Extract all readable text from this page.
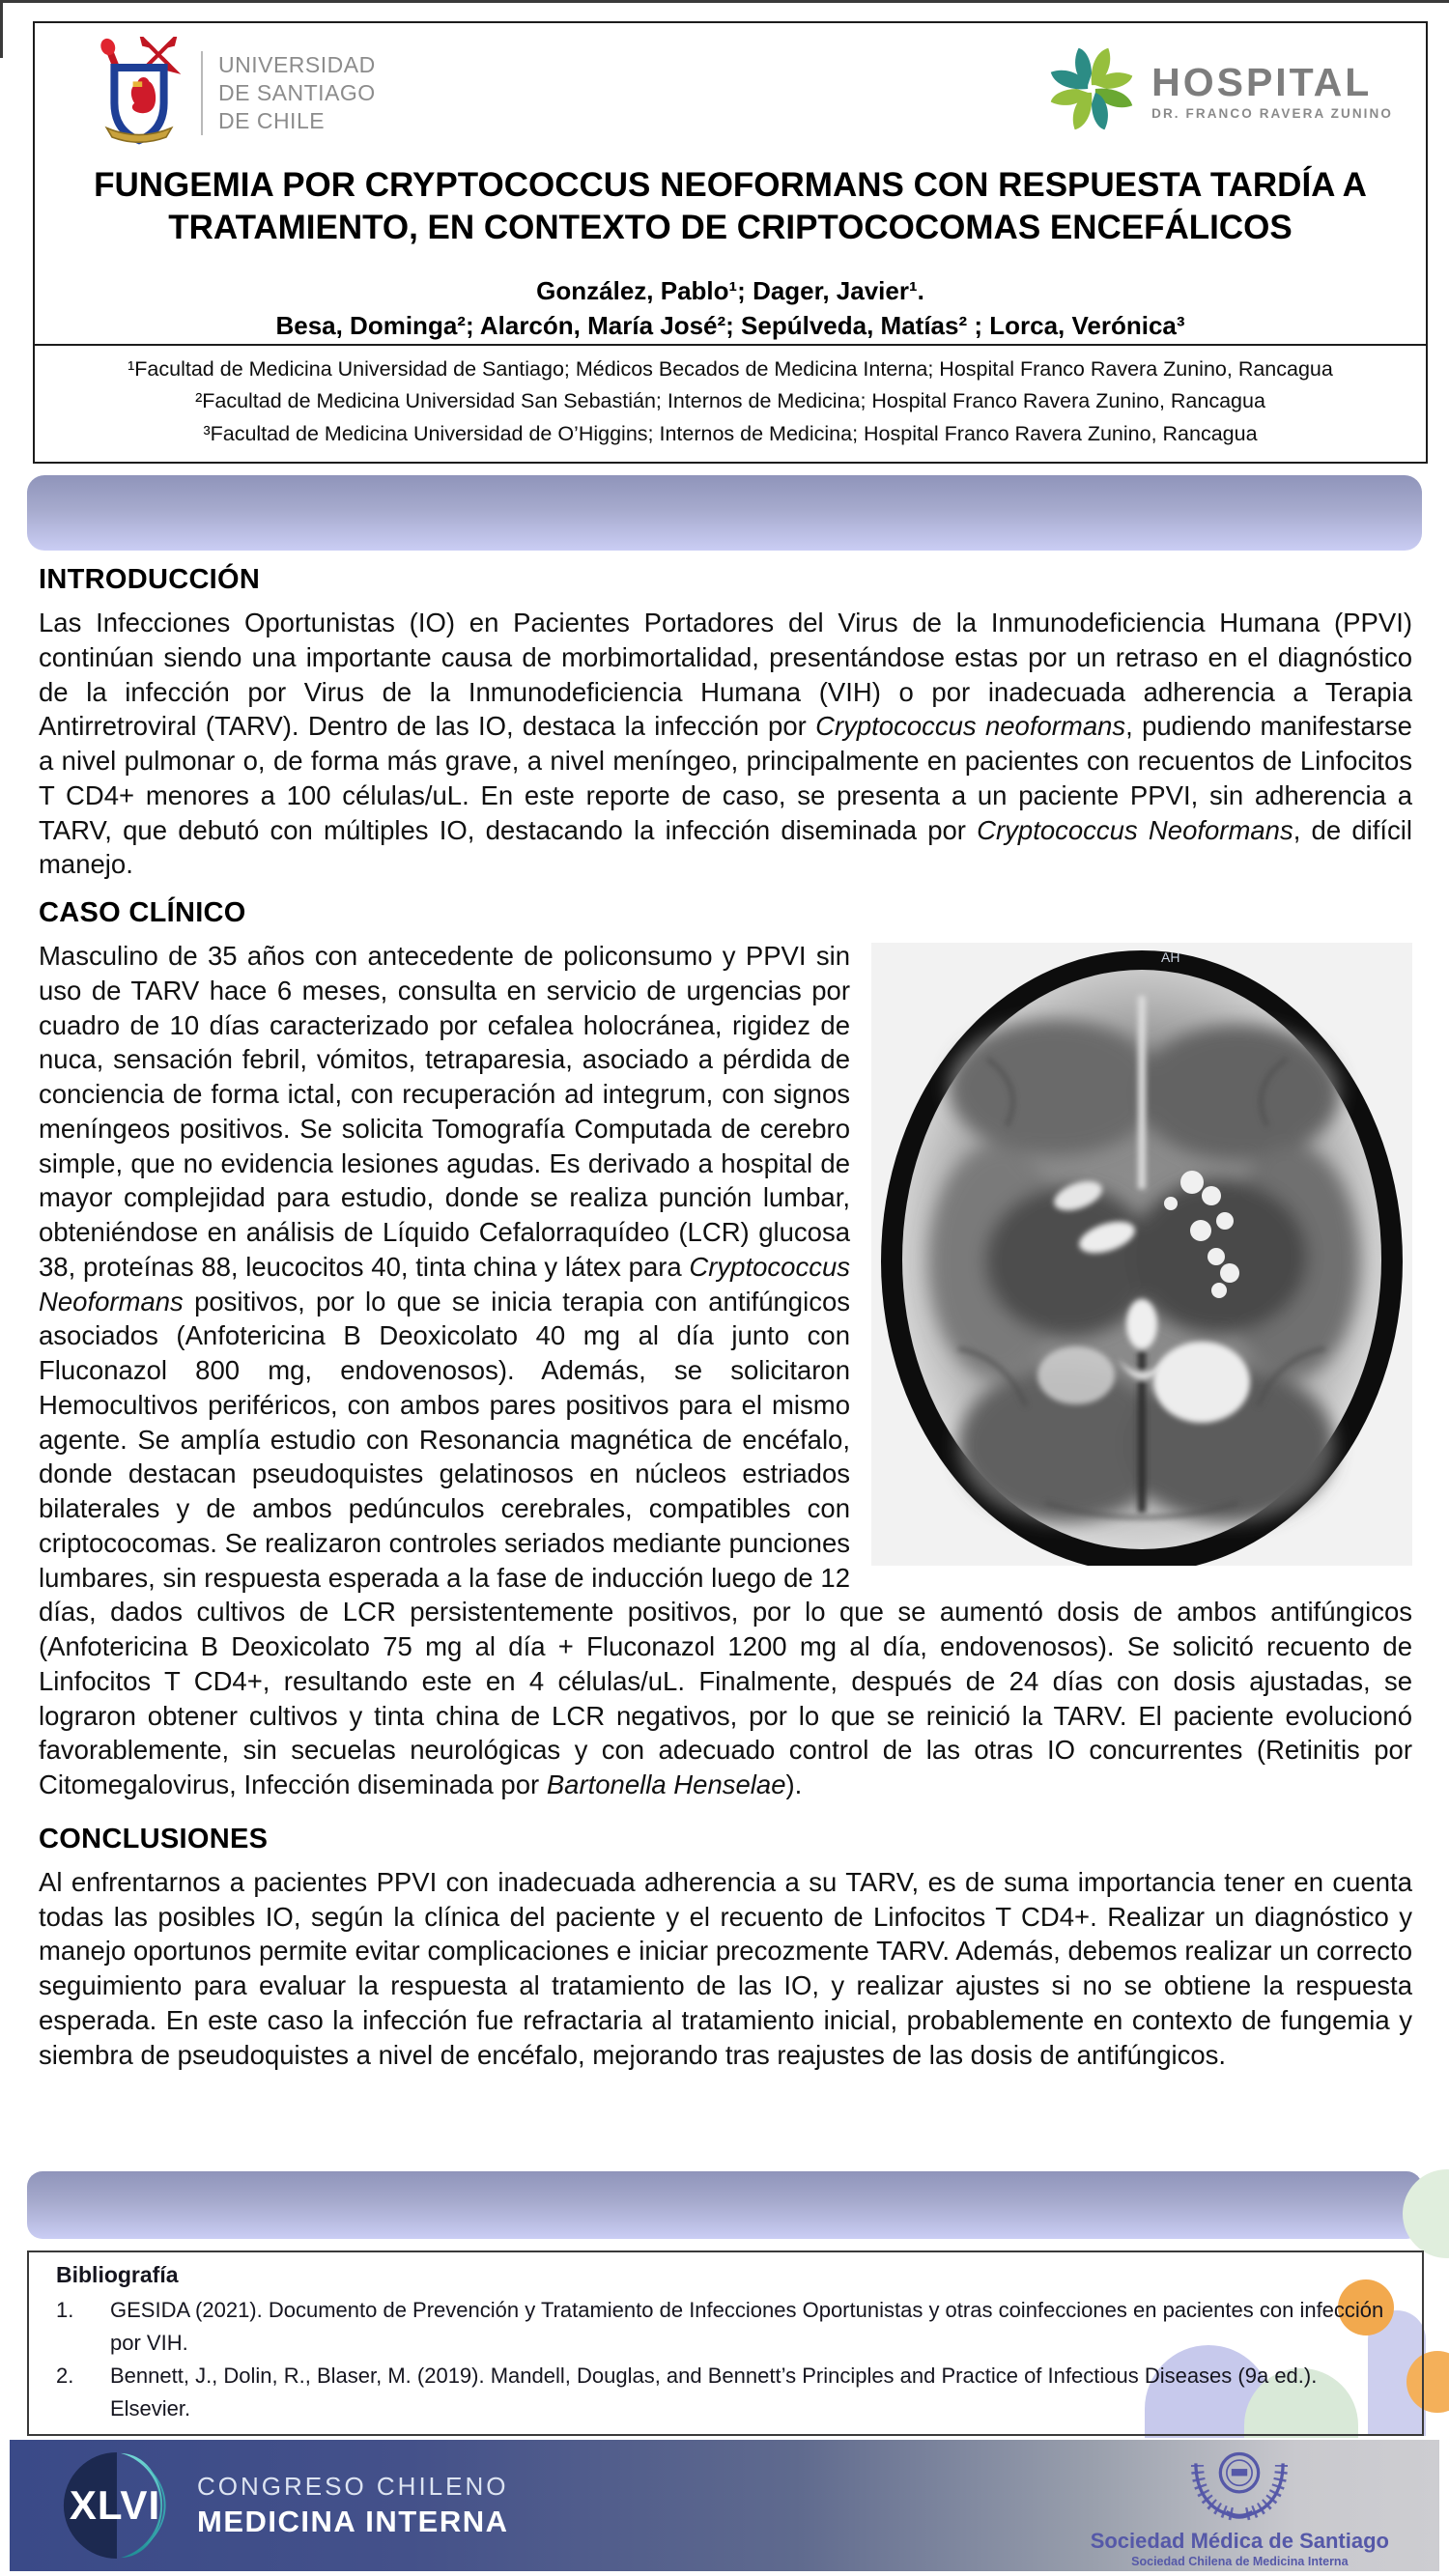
UNIVERSIDAD
DE SANTIAGO
DE CHILE
HOSPITAL
DR. FRANCO RAVERA ZUNINO
FUNGEMIA POR CRYPTOCOCCUS NEOFORMANS CON RESPUESTA TARDÍA A
TRATAMIENTO, EN CONTEXTO DE CRIPTOCOCOMAS ENCEFÁLICOS
González, Pablo¹; Dager, Javier¹.
Besa, Dominga²; Alarcón, María José²; Sepúlveda, Matías² ; Lorca, Verónica³
¹Facultad de Medicina Universidad de Santiago; Médicos Becados de Medicina Interna; Hospital Franco Ravera Zunino, Rancagua
²Facultad de Medicina Universidad San Sebastián; Internos de Medicina; Hospital Franco Ravera Zunino, Rancagua
³Facultad de Medicina Universidad de O’Higgins; Internos de Medicina; Hospital Franco Ravera Zunino, Rancagua
INTRODUCCIÓN

Las Infecciones Oportunistas (IO) en Pacientes Portadores del Virus de la Inmunodeficiencia Humana (PPVI) continúan siendo una importante causa de morbimortalidad, presentándose estas por un retraso en el diagnóstico de la infección por Virus de la Inmunodeficiencia Humana (VIH) o por inadecuada adherencia a Terapia Antirretroviral (TARV). Dentro de las IO, destaca la infección por Cryptococcus neoformans, pudiendo manifestarse a nivel pulmonar o, de forma más grave, a nivel meníngeo, principalmente en pacientes con recuentos de Linfocitos T CD4+ menores a 100 células/uL. En este reporte de caso, se presenta a un paciente PPVI, sin adherencia a TARV, que debutó con múltiples IO, destacando la infección diseminada por Cryptococcus Neoformans, de difícil manejo.

CASO CLÍNICO
AH

Masculino de 35 años con antecedente de policonsumo y PPVI sin uso de TARV hace 6 meses, consulta en servicio de urgencias por cuadro de 10 días caracterizado por cefalea holocránea, rigidez de nuca, sensación febril, vómitos, tetraparesia, asociado a pérdida de conciencia de forma ictal, con recuperación ad integrum, con signos meníngeos positivos. Se solicita Tomografía Computada de cerebro simple, que no evidencia lesiones agudas. Es derivado a hospital de mayor complejidad para estudio, donde se realiza punción lumbar, obteniéndose en análisis de Líquido Cefalorraquídeo (LCR) glucosa 38, proteínas 88, leucocitos 40, tinta china y látex para Cryptococcus Neoformans positivos, por lo que se inicia terapia con antifúngicos asociados (Anfotericina B Deoxicolato 40 mg al día junto con Fluconazol 800 mg, endovenosos). Además, se solicitaron Hemocultivos periféricos, con ambos pares positivos para el mismo agente. Se amplía estudio con Resonancia magnética de encéfalo, donde destacan pseudoquistes gelatinosos en núcleos estriados bilaterales y de ambos pedúnculos cerebrales, compatibles con criptococomas. Se realizaron controles seriados mediante punciones lumbares, sin respuesta esperada a la fase de inducción luego de 12 días, dados cultivos de LCR persistentemente positivos, por lo que se aumentó dosis de ambos antifúngicos (Anfotericina B Deoxicolato 75 mg al día + Fluconazol 1200 mg al día, endovenosos). Se solicitó recuento de Linfocitos T CD4+, resultando este en 4 células/uL. Finalmente, después de 24 días con dosis ajustadas, se lograron obtener cultivos y tinta china de LCR negativos, por lo que se reinició la TARV. El paciente evolucionó favorablemente, sin secuelas neurológicas y con adecuado control de las otras IO concurrentes (Retinitis por Citomegalovirus, Infección diseminada por Bartonella Henselae).

CONCLUSIONES

Al enfrentarnos a pacientes PPVI con inadecuada adherencia a su TARV, es de suma importancia tener en cuenta todas las posibles IO, según la clínica del paciente y el recuento de Linfocitos T CD4+. Realizar un diagnóstico y manejo oportunos permite evitar complicaciones e iniciar precozmente TARV. Además, debemos realizar un correcto seguimiento para evaluar la respuesta al tratamiento de las IO, y realizar ajustes si no se obtiene la respuesta esperada. En este caso la infección fue refractaria al tratamiento inicial, probablemente en contexto de fungemia y siembra de pseudoquistes a nivel de encéfalo, mejorando tras reajustes de las dosis de antifúngicos.

Bibliografía
1.	GESIDA (2021). Documento de Prevención y Tratamiento de Infecciones Oportunistas y otras coinfecciones en pacientes con infección por VIH.
2.	Bennett, J., Dolin, R., Blaser, M. (2019). Mandell, Douglas, and Bennett’s Principles and Practice of Infectious Diseases (9a ed.). Elsevier.
XLVI	CONGRESO CHILENO
MEDICINA INTERNA
Sociedad Médica de Santiago
Sociedad Chilena de Medicina Interna
